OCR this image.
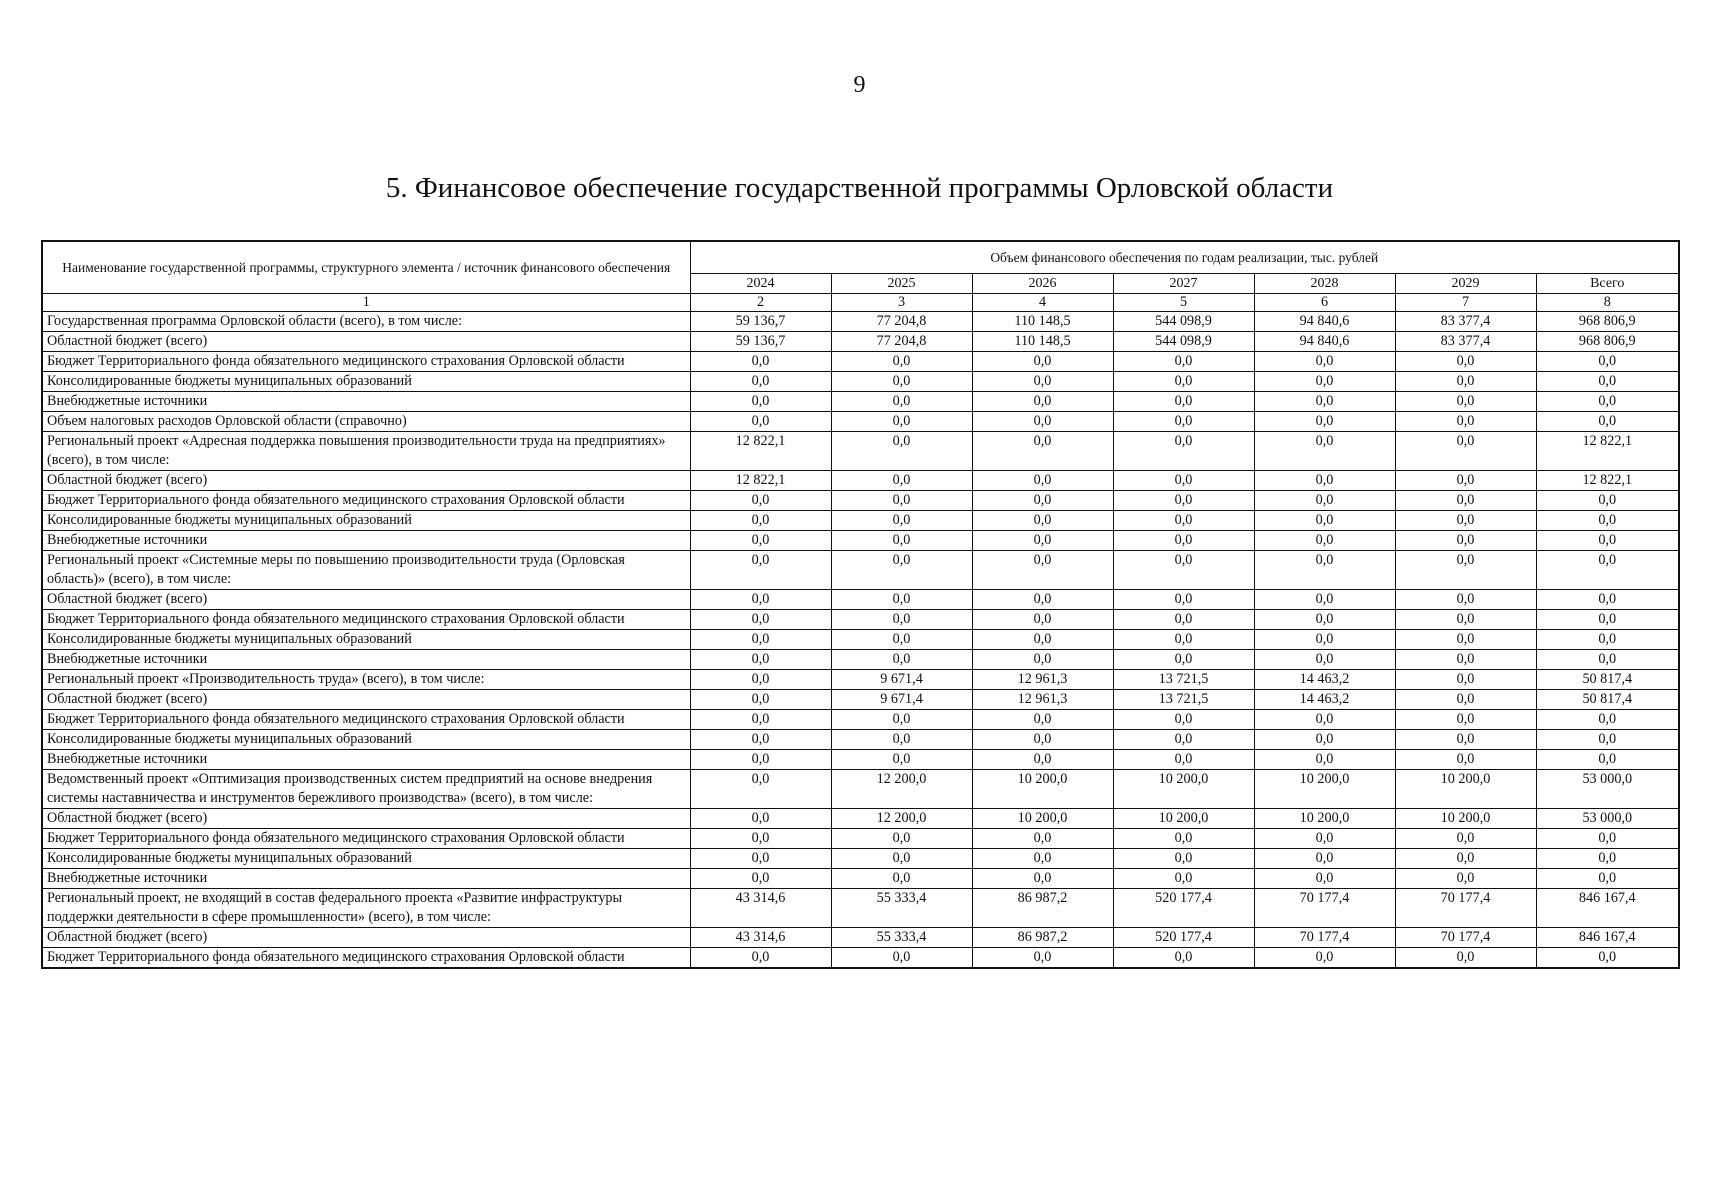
9
5. Финансовое обеспечение государственной программы Орловской области
Наименование государственной программы, структурного элемента / источник финансового обеспечения	Объем финансового обеспечения по годам реализации, тыс. рублей						
	2024	2025	2026	2027	2028	2029	Всего
1	2	3	4	5	6	7	8
Государственная программа Орловской области (всего), в том числе:	59 136,7	77 204,8	110 148,5	544 098,9	94 840,6	83 377,4	968 806,9
Областной бюджет (всего)	59 136,7	77 204,8	110 148,5	544 098,9	94 840,6	83 377,4	968 806,9
Бюджет Территориального фонда обязательного медицинского страхования Орловской области	0,0	0,0	0,0	0,0	0,0	0,0	0,0
Консолидированные бюджеты муниципальных образований	0,0	0,0	0,0	0,0	0,0	0,0	0,0
Внебюджетные источники	0,0	0,0	0,0	0,0	0,0	0,0	0,0
Объем налоговых расходов Орловской области (справочно)	0,0	0,0	0,0	0,0	0,0	0,0	0,0
Региональный проект «Адресная поддержка повышения производительности труда на предприятиях» (всего), в том числе:	12 822,1	0,0	0,0	0,0	0,0	0,0	12 822,1
Областной бюджет (всего)	12 822,1	0,0	0,0	0,0	0,0	0,0	12 822,1
Бюджет Территориального фонда обязательного медицинского страхования Орловской области	0,0	0,0	0,0	0,0	0,0	0,0	0,0
Консолидированные бюджеты муниципальных образований	0,0	0,0	0,0	0,0	0,0	0,0	0,0
Внебюджетные источники	0,0	0,0	0,0	0,0	0,0	0,0	0,0
Региональный проект «Системные меры по повышению производительности труда (Орловская область)» (всего), в том числе:	0,0	0,0	0,0	0,0	0,0	0,0	0,0
Областной бюджет (всего)	0,0	0,0	0,0	0,0	0,0	0,0	0,0
Бюджет Территориального фонда обязательного медицинского страхования Орловской области	0,0	0,0	0,0	0,0	0,0	0,0	0,0
Консолидированные бюджеты муниципальных образований	0,0	0,0	0,0	0,0	0,0	0,0	0,0
Внебюджетные источники	0,0	0,0	0,0	0,0	0,0	0,0	0,0
Региональный проект «Производительность труда» (всего), в том числе:	0,0	9 671,4	12 961,3	13 721,5	14 463,2	0,0	50 817,4
Областной бюджет (всего)	0,0	9 671,4	12 961,3	13 721,5	14 463,2	0,0	50 817,4
Бюджет Территориального фонда обязательного медицинского страхования Орловской области	0,0	0,0	0,0	0,0	0,0	0,0	0,0
Консолидированные бюджеты муниципальных образований	0,0	0,0	0,0	0,0	0,0	0,0	0,0
Внебюджетные источники	0,0	0,0	0,0	0,0	0,0	0,0	0,0
Ведомственный проект «Оптимизация производственных систем предприятий на основе внедрения системы наставничества и инструментов бережливого производства» (всего), в том числе:	0,0	12 200,0	10 200,0	10 200,0	10 200,0	10 200,0	53 000,0
Областной бюджет (всего)	0,0	12 200,0	10 200,0	10 200,0	10 200,0	10 200,0	53 000,0
Бюджет Территориального фонда обязательного медицинского страхования Орловской области	0,0	0,0	0,0	0,0	0,0	0,0	0,0
Консолидированные бюджеты муниципальных образований	0,0	0,0	0,0	0,0	0,0	0,0	0,0
Внебюджетные источники	0,0	0,0	0,0	0,0	0,0	0,0	0,0
Региональный проект, не входящий в состав федерального проекта «Развитие инфраструктуры поддержки деятельности в сфере промышленности» (всего), в том числе:	43 314,6	55 333,4	86 987,2	520 177,4	70 177,4	70 177,4	846 167,4
Областной бюджет (всего)	43 314,6	55 333,4	86 987,2	520 177,4	70 177,4	70 177,4	846 167,4
Бюджет Территориального фонда обязательного медицинского страхования Орловской области	0,0	0,0	0,0	0,0	0,0	0,0	0,0
